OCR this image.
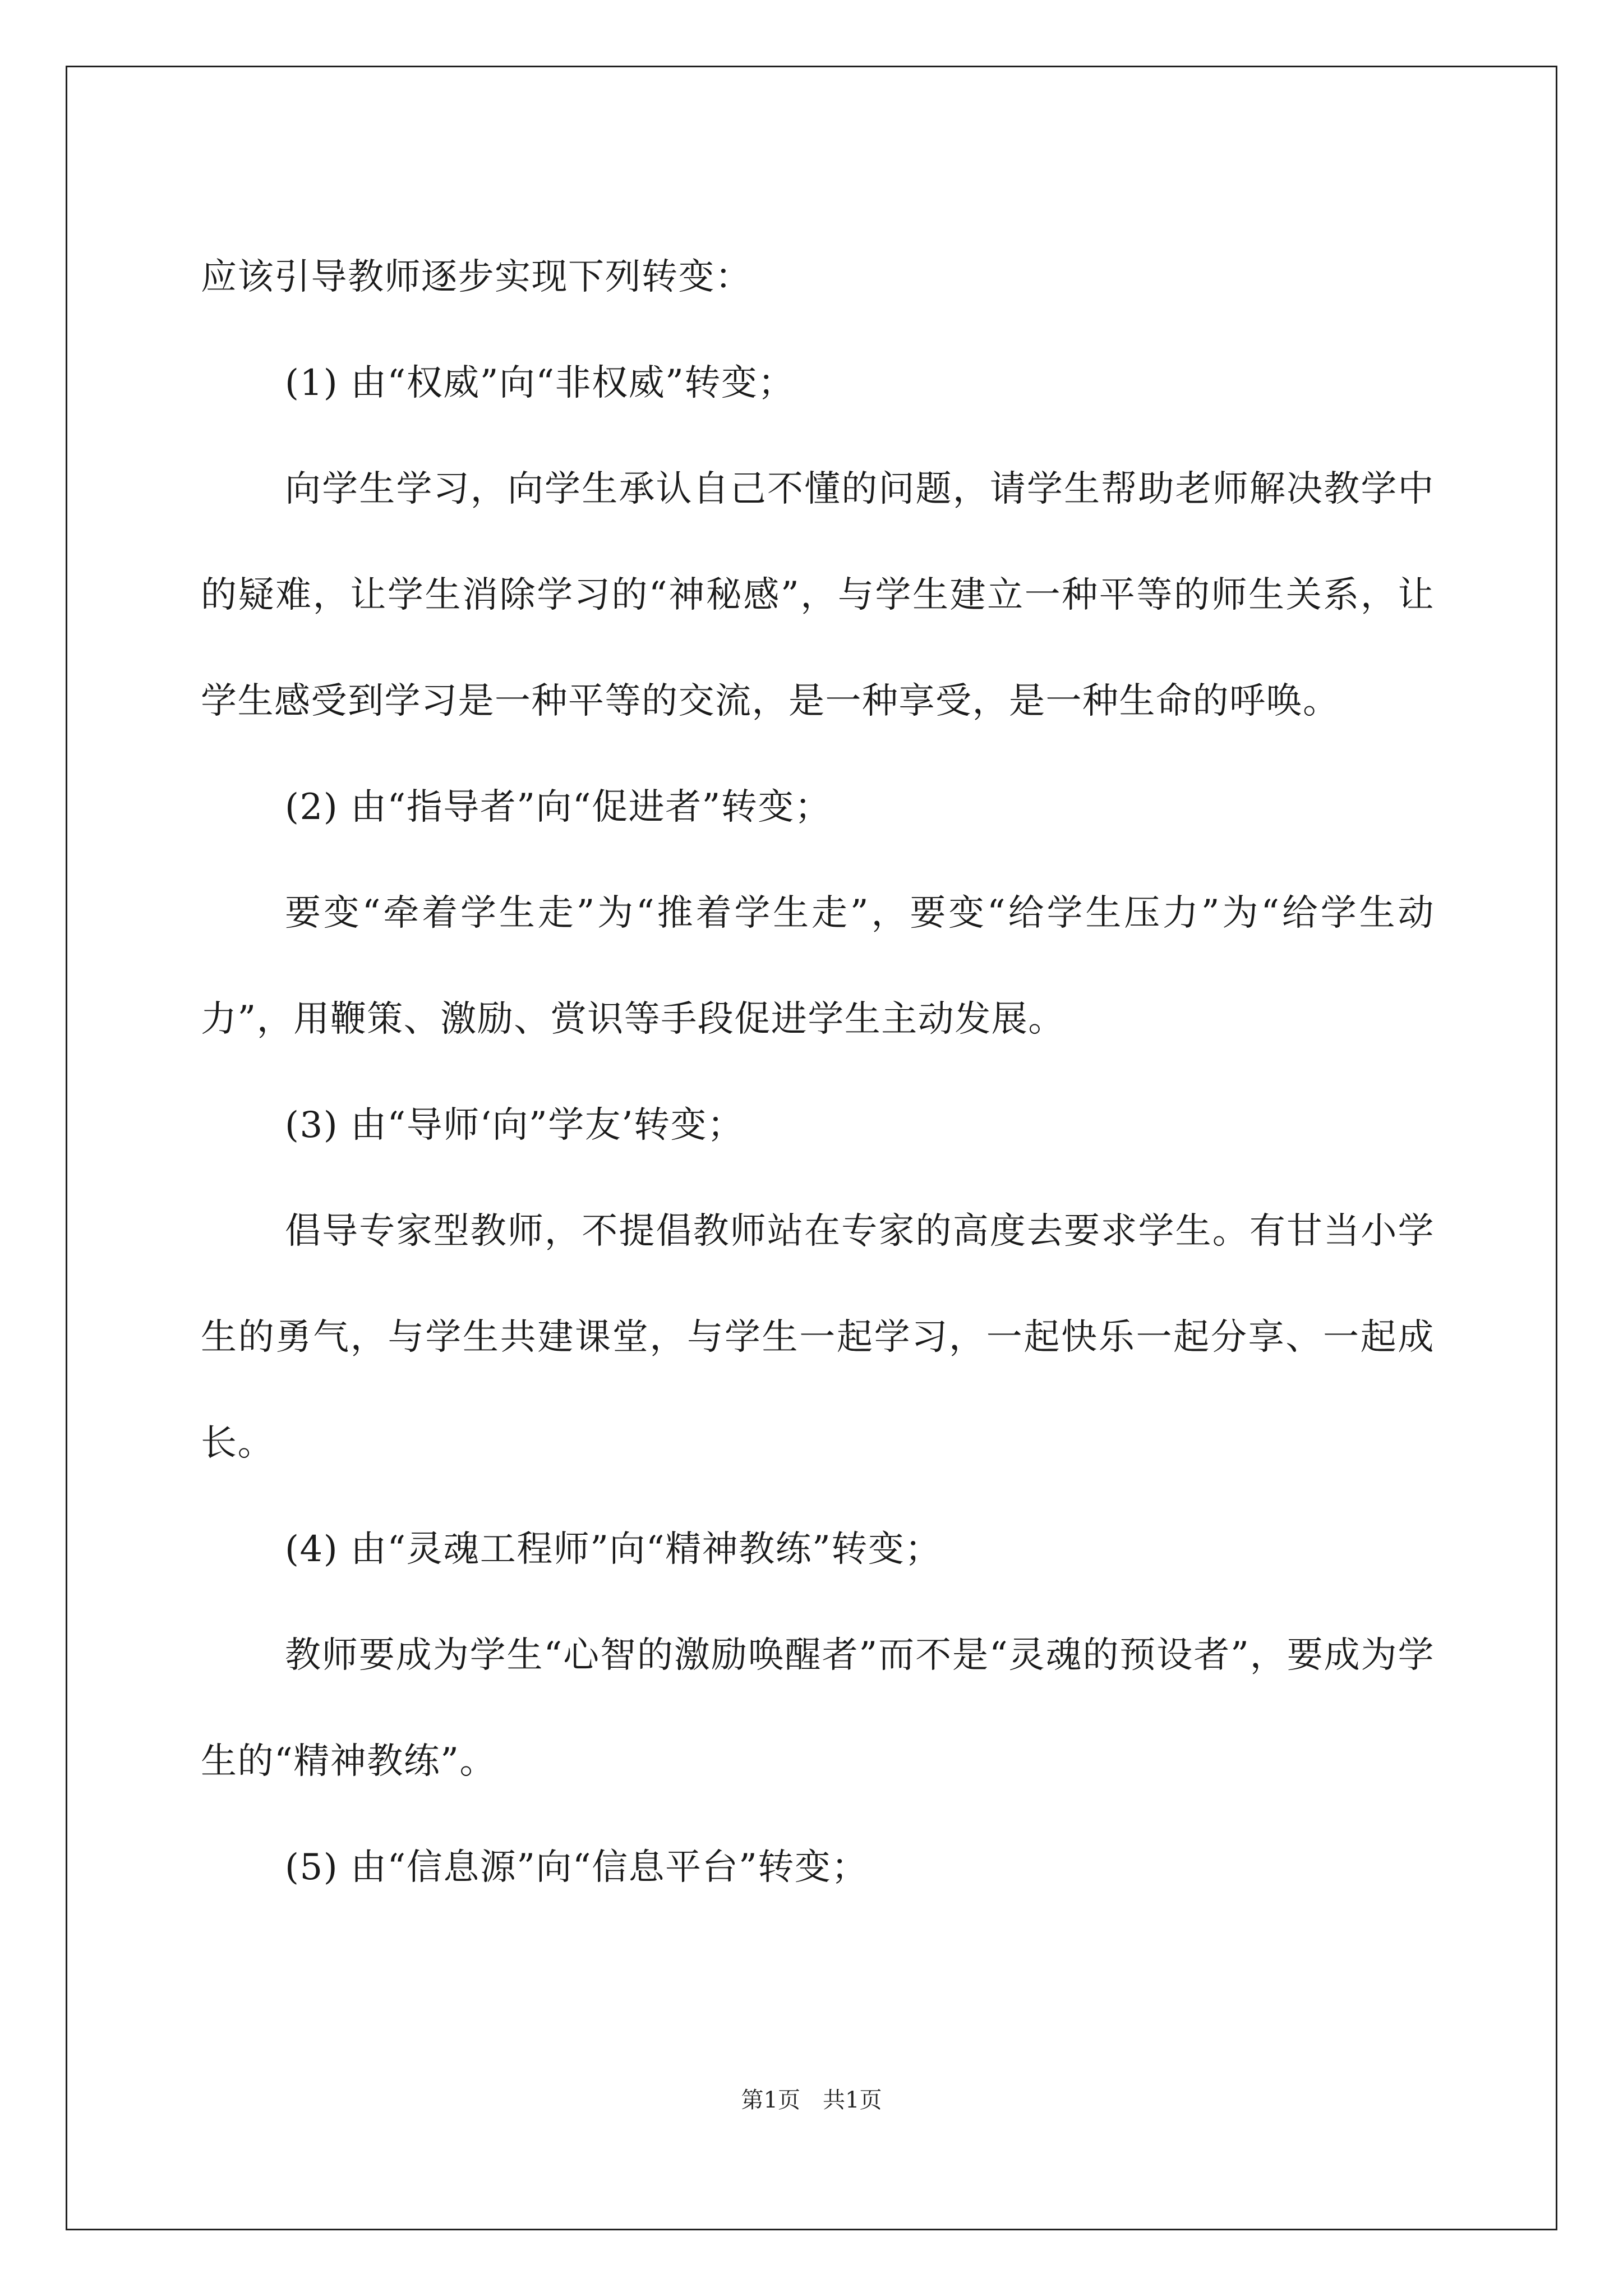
应该引导教师逐步实现下列转变：

(1) 由“权威”向“非权威”转变；

向学生学习，向学生承认自己不懂的问题，请学生帮助老师解决教学中的疑难，让学生消除学习的“神秘感”，与学生建立一种平等的师生关系，让学生感受到学习是一种平等的交流，是一种享受，是一种生命的呼唤。

(2) 由“指导者”向“促进者”转变；

要变“牵着学生走”为“推着学生走”，要变“给学生压力”为“给学生动力”，用鞭策、激励、赏识等手段促进学生主动发展。

(3) 由“导师‘向”学友’转变；

倡导专家型教师，不提倡教师站在专家的高度去要求学生。有甘当小学生的勇气，与学生共建课堂，与学生一起学习，一起快乐一起分享、一起成长。

(4) 由“灵魂工程师”向“精神教练”转变；

教师要成为学生“心智的激励唤醒者”而不是“灵魂的预设者”，要成为学生的“精神教练”。

(5) 由“信息源”向“信息平台”转变；

第1页　共1页
